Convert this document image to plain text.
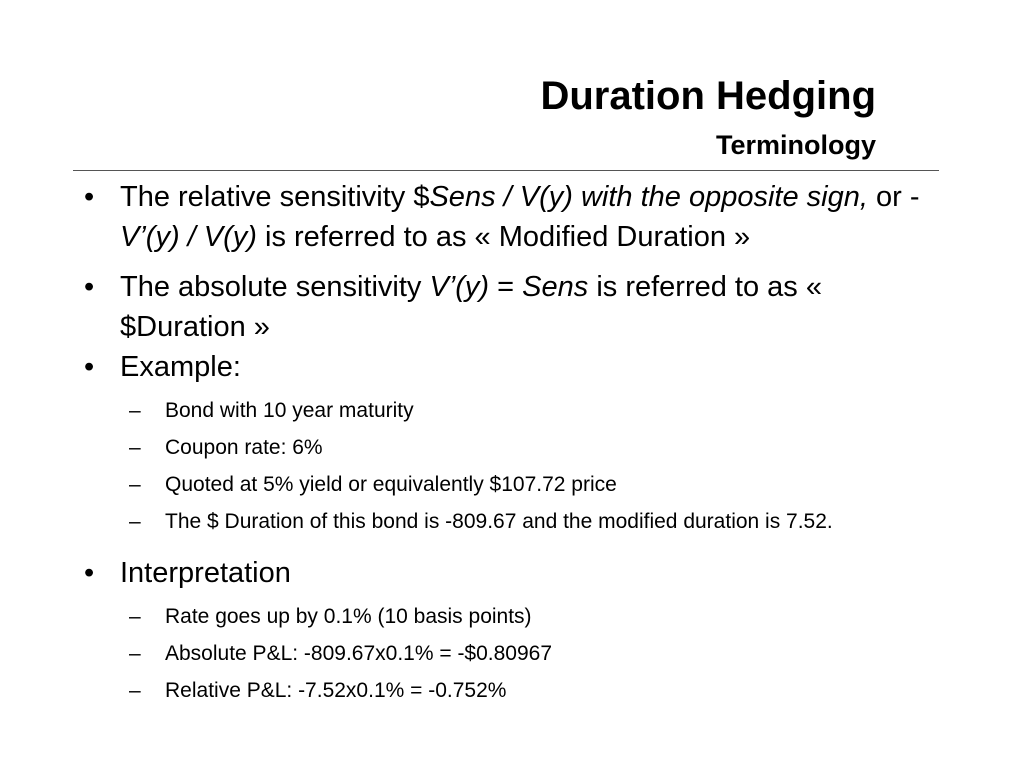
Duration Hedging
Terminology
• The relative sensitivity $Sens / V(y) with the opposite sign, or -V’(y) / V(y) is referred to as « Modified Duration »
• The absolute sensitivity V’(y) = Sens is referred to as « $Duration »
• Example:
– Bond with 10 year maturity
– Coupon rate: 6%
– Quoted at 5% yield or equivalently $107.72 price
– The $ Duration of this bond is -809.67 and the modified duration is 7.52.
• Interpretation
– Rate goes up by 0.1% (10 basis points)
– Absolute P&L: -809.67x0.1% = -$0.80967
– Relative P&L: -7.52x0.1% = -0.752%
